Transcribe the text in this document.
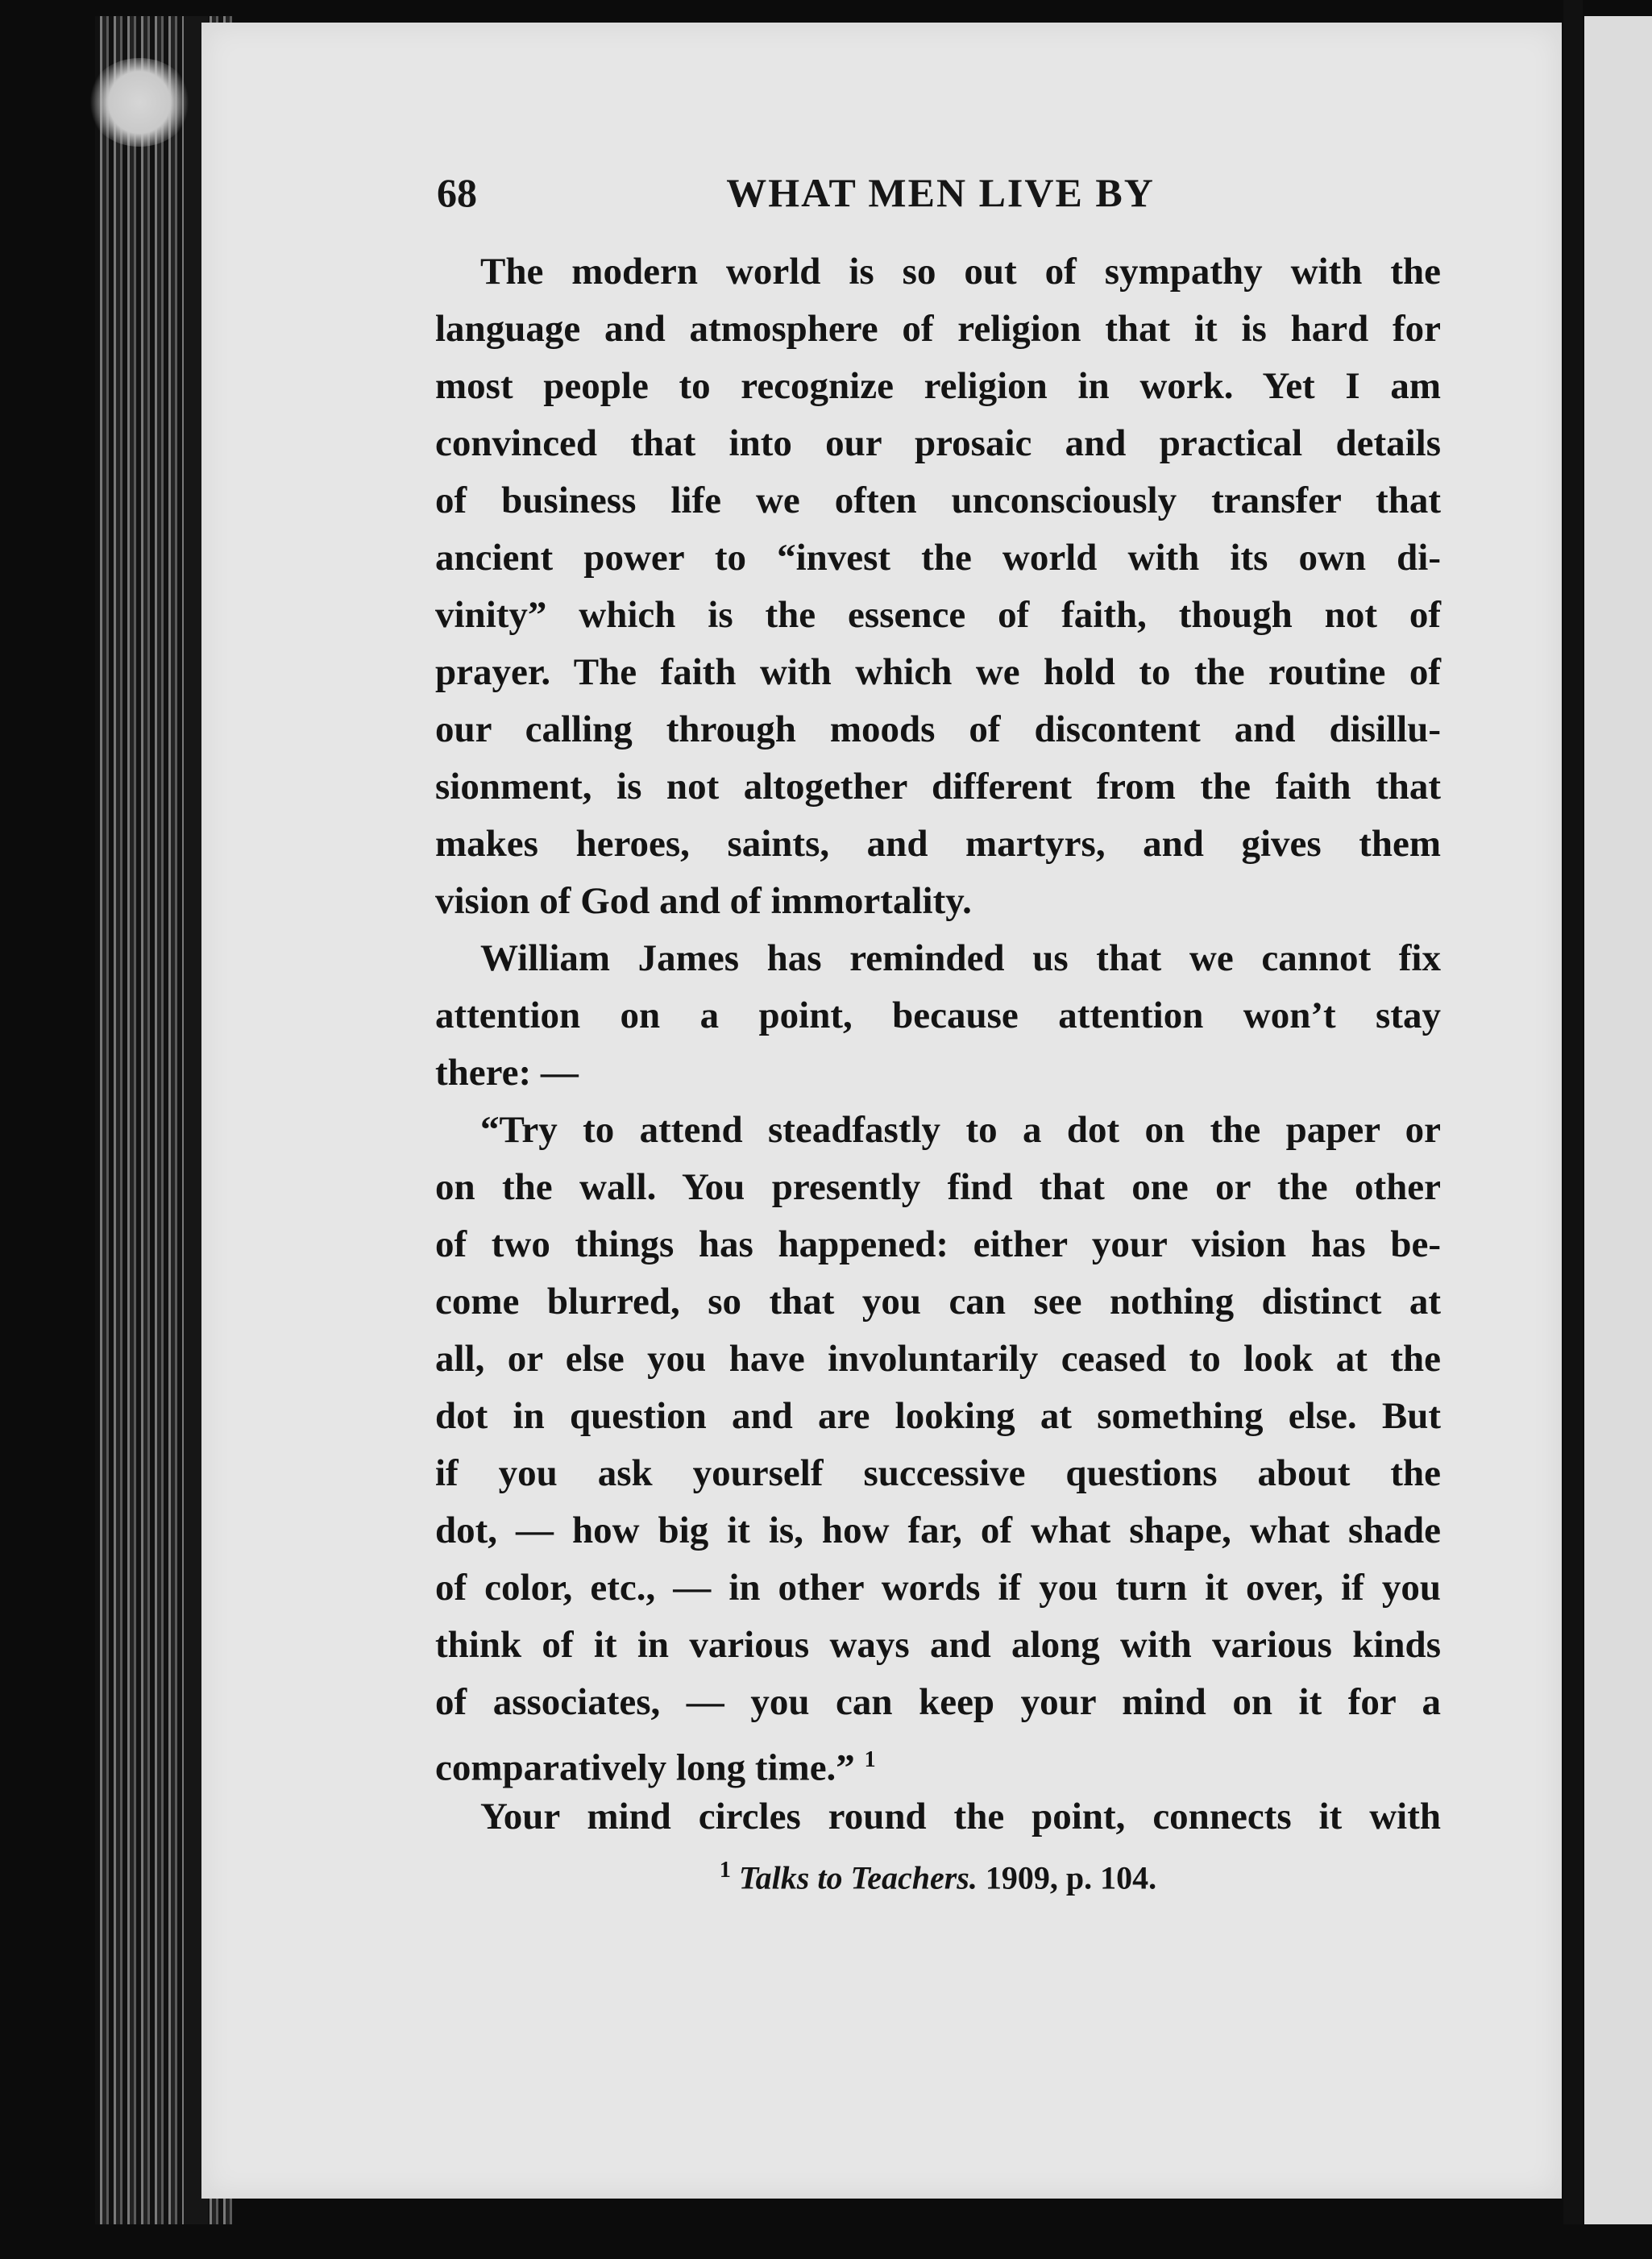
WHAT MEN LIVE BY
68
The modern world is so out of sympathy with the
language and atmosphere of religion that it is hard for
most people to recognize religion in work. Yet I am
convinced that into our prosaic and practical details
of business life we often unconsciously transfer that
ancient power to “invest the world with its own di-
vinity” which is the essence of faith, though not of
prayer. The faith with which we hold to the routine of
our calling through moods of discontent and disillu-
sionment, is not altogether different from the faith that
makes heroes, saints, and martyrs, and gives them
vision of God and of immortality.
William James has reminded us that we cannot fix
attention on a point, because attention won’t stay
there: —
“Try to attend steadfastly to a dot on the paper or
on the wall. You presently find that one or the other
of two things has happened: either your vision has be-
come blurred, so that you can see nothing distinct at
all, or else you have involuntarily ceased to look at the
dot in question and are looking at something else. But
if you ask yourself successive questions about the
dot, — how big it is, how far, of what shape, what shade
of color, etc., — in other words if you turn it over, if you
think of it in various ways and along with various kinds
of associates, — you can keep your mind on it for a
comparatively long time.” $^1$
Your mind circles round the point, connects it with
$^1$ Talks to Teachers. 1909, p. 104.
